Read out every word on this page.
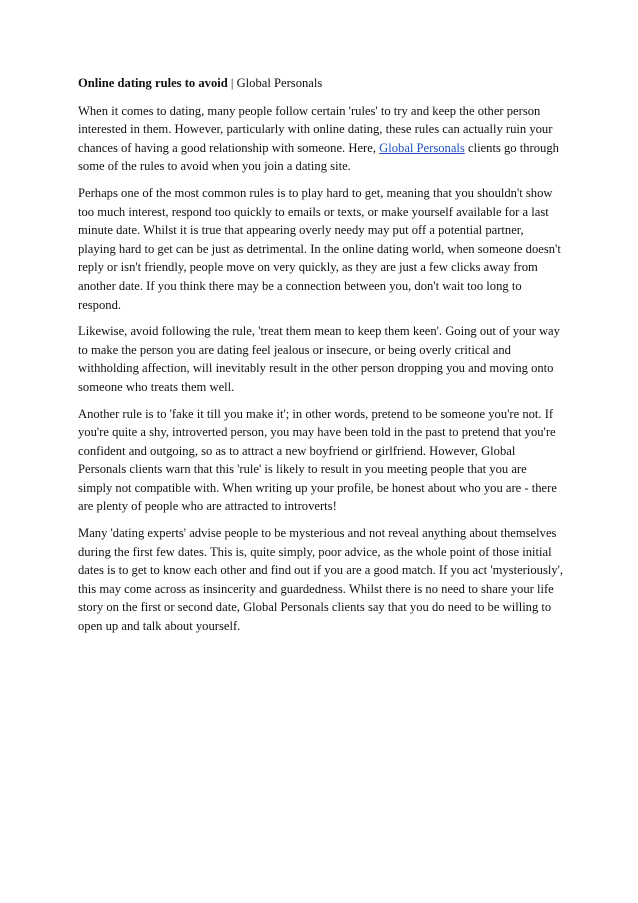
Online dating rules to avoid | Global Personals

When it comes to dating, many people follow certain 'rules' to try and keep the other person interested in them. However, particularly with online dating, these rules can actually ruin your chances of having a good relationship with someone. Here, Global Personals clients go through some of the rules to avoid when you join a dating site.

Perhaps one of the most common rules is to play hard to get, meaning that you shouldn't show too much interest, respond too quickly to emails or texts, or make yourself available for a last minute date. Whilst it is true that appearing overly needy may put off a potential partner, playing hard to get can be just as detrimental. In the online dating world, when someone doesn't reply or isn't friendly, people move on very quickly, as they are just a few clicks away from another date. If you think there may be a connection between you, don't wait too long to respond.

Likewise, avoid following the rule, 'treat them mean to keep them keen'. Going out of your way to make the person you are dating feel jealous or insecure, or being overly critical and withholding affection, will inevitably result in the other person dropping you and moving onto someone who treats them well.

Another rule is to 'fake it till you make it'; in other words, pretend to be someone you're not. If you're quite a shy, introverted person, you may have been told in the past to pretend that you're confident and outgoing, so as to attract a new boyfriend or girlfriend. However, Global Personals clients warn that this 'rule' is likely to result in you meeting people that you are simply not compatible with. When writing up your profile, be honest about who you are - there are plenty of people who are attracted to introverts!

Many 'dating experts' advise people to be mysterious and not reveal anything about themselves during the first few dates. This is, quite simply, poor advice, as the whole point of those initial dates is to get to know each other and find out if you are a good match. If you act 'mysteriously', this may come across as insincerity and guardedness. Whilst there is no need to share your life story on the first or second date, Global Personals clients say that you do need to be willing to open up and talk about yourself.
